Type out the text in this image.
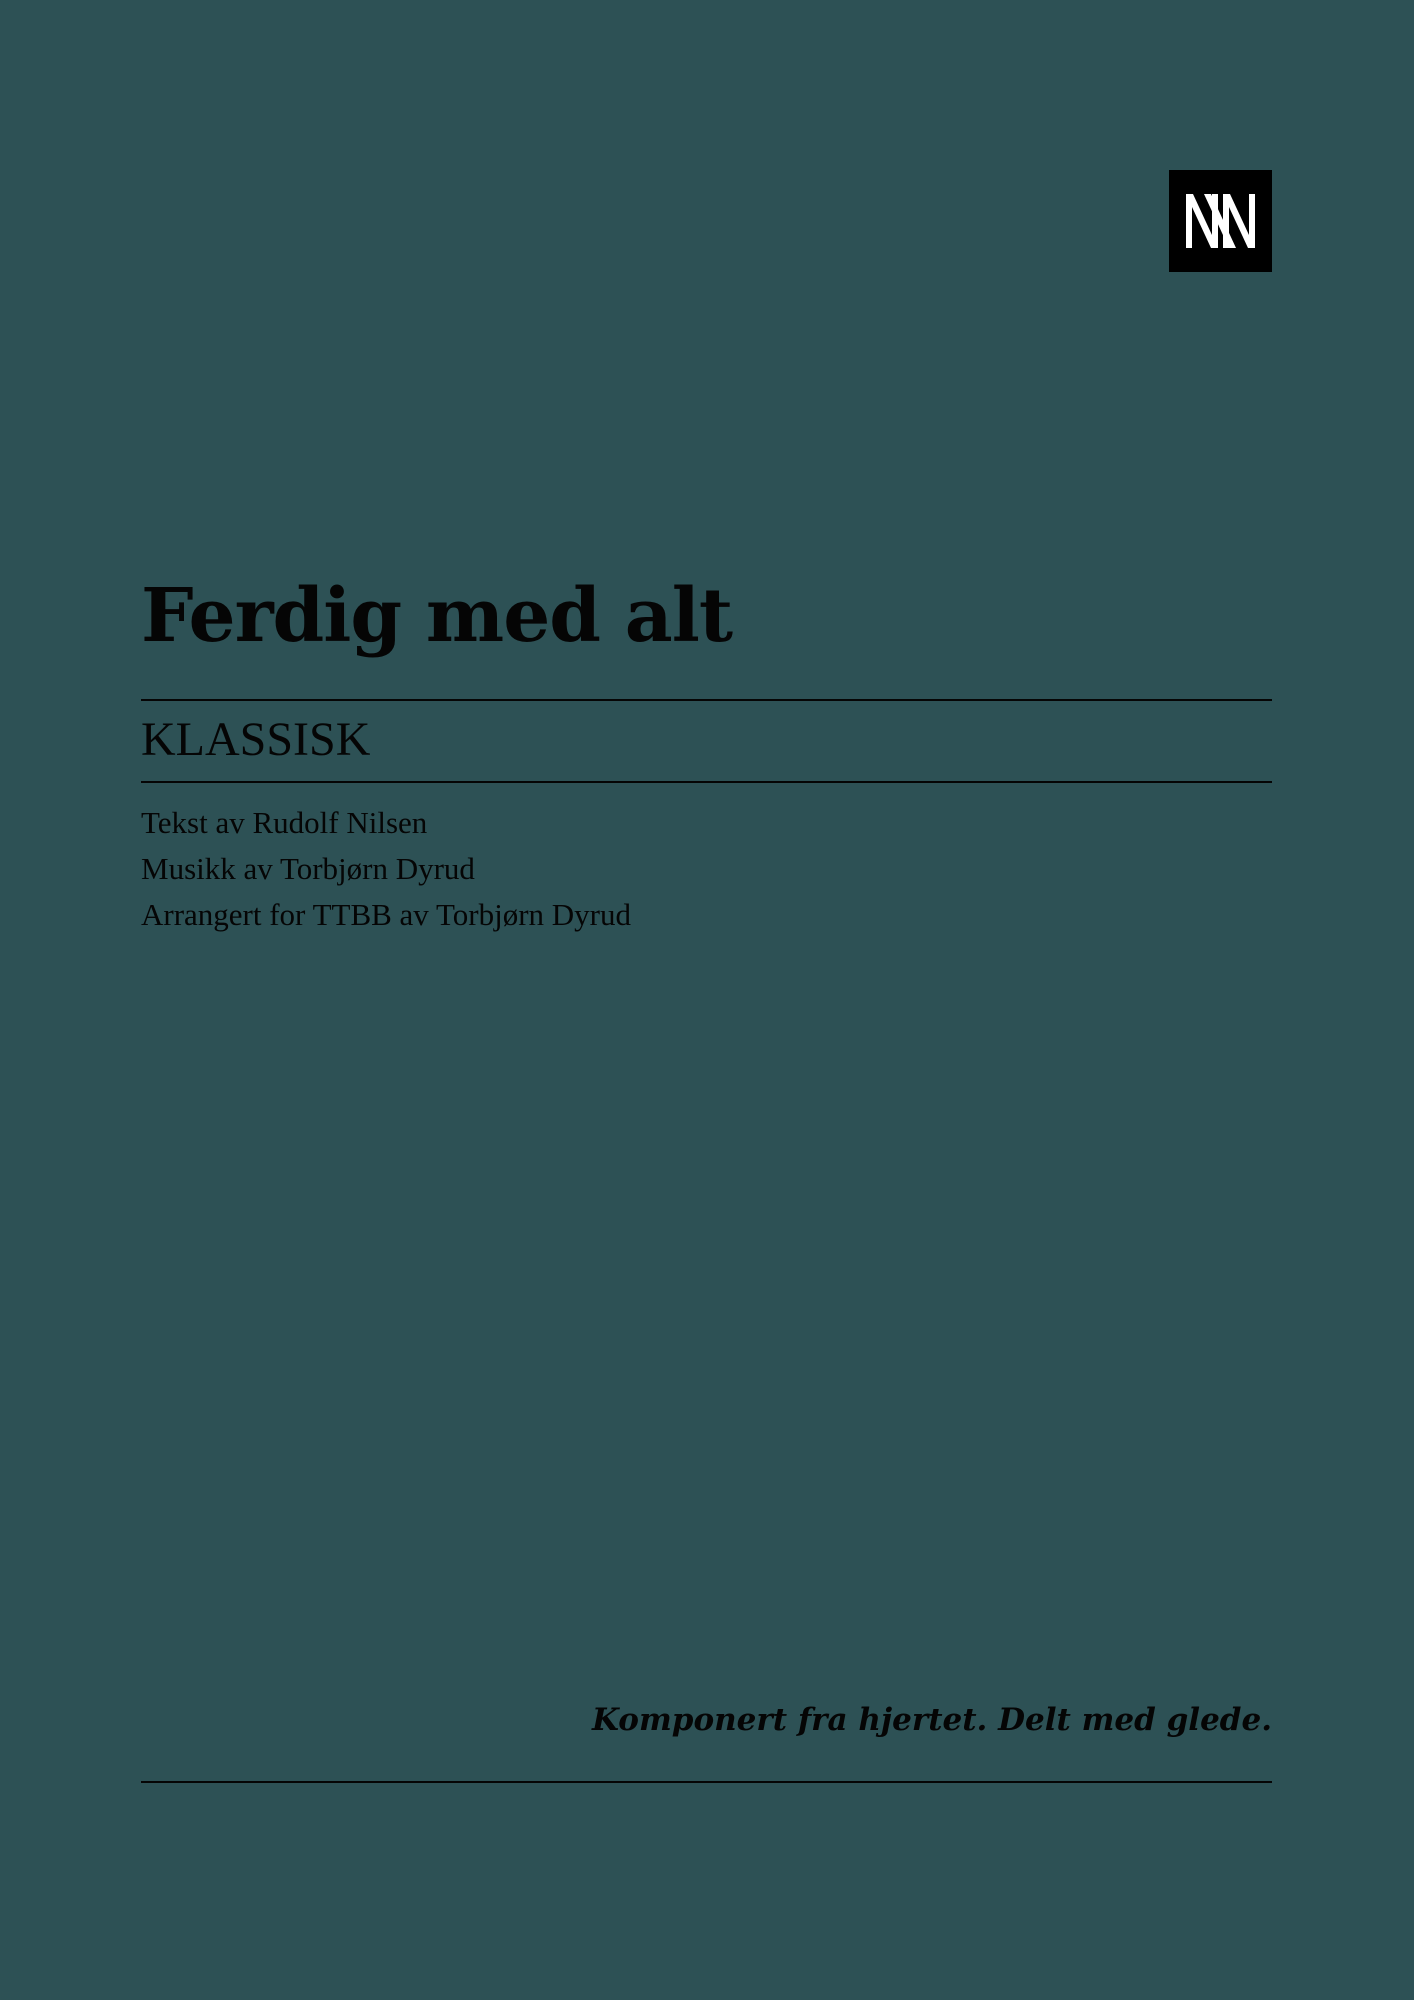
Ferdig med alt
KLASSISK
Tekst av Rudolf Nilsen
Musikk av Torbjørn Dyrud
Arrangert for TTBB av Torbjørn Dyrud
Komponert fra hjertet. Delt med glede.
